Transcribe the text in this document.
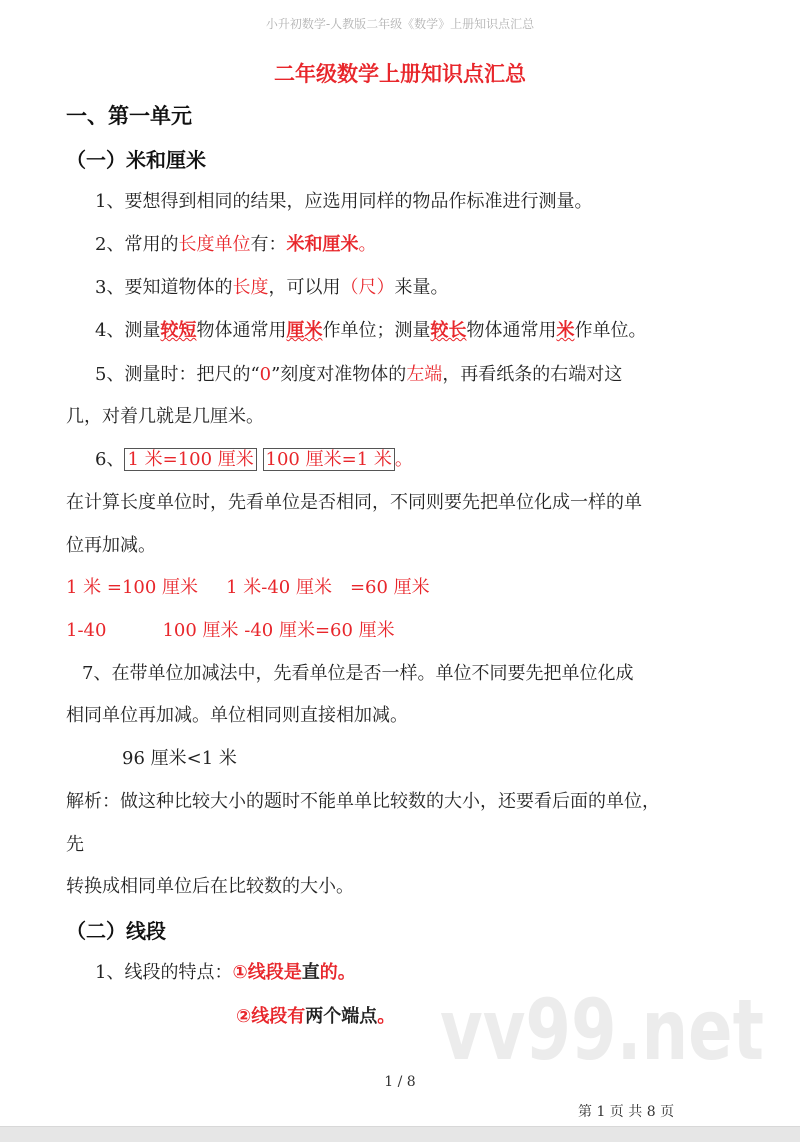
小升初数学-人教版二年级《数学》上册知识点汇总
二年级数学上册知识点汇总
一、第一单元
（一）米和厘米
1、要想得到相同的结果，应选用同样的物品作标准进行测量。
2、常用的长度单位有：米和厘米。
3、要知道物体的长度，可以用（尺）来量。
4、测量较短物体通常用厘米作单位；测量较长物体通常用米作单位。
5、测量时：把尺的“0”刻度对准物体的左端，再看纸条的右端对这
几，对着几就是几厘米。
6、 1 米=100 厘米 100 厘米=1 米 。
在计算长度单位时，先看单位是否相同，不同则要先把单位化成一样的单
位再加减。
1 米 =100 厘米 1 米-40 厘米 =60 厘米
1-40	100 厘米 -40 厘米=60 厘米
7、在带单位加减法中，先看单位是否一样。单位不同要先把单位化成
相同单位再加减。单位相同则直接相加减。
96 厘米<1 米
解析：做这种比较大小的题时不能单单比较数的大小，还要看后面的单位，
先
转换成相同单位后在比较数的大小。
（二）线段
1、线段的特点：①线段是直的。
②线段有两个端点。 vv99.net
1 / 8
第 1 页 共 8 页
